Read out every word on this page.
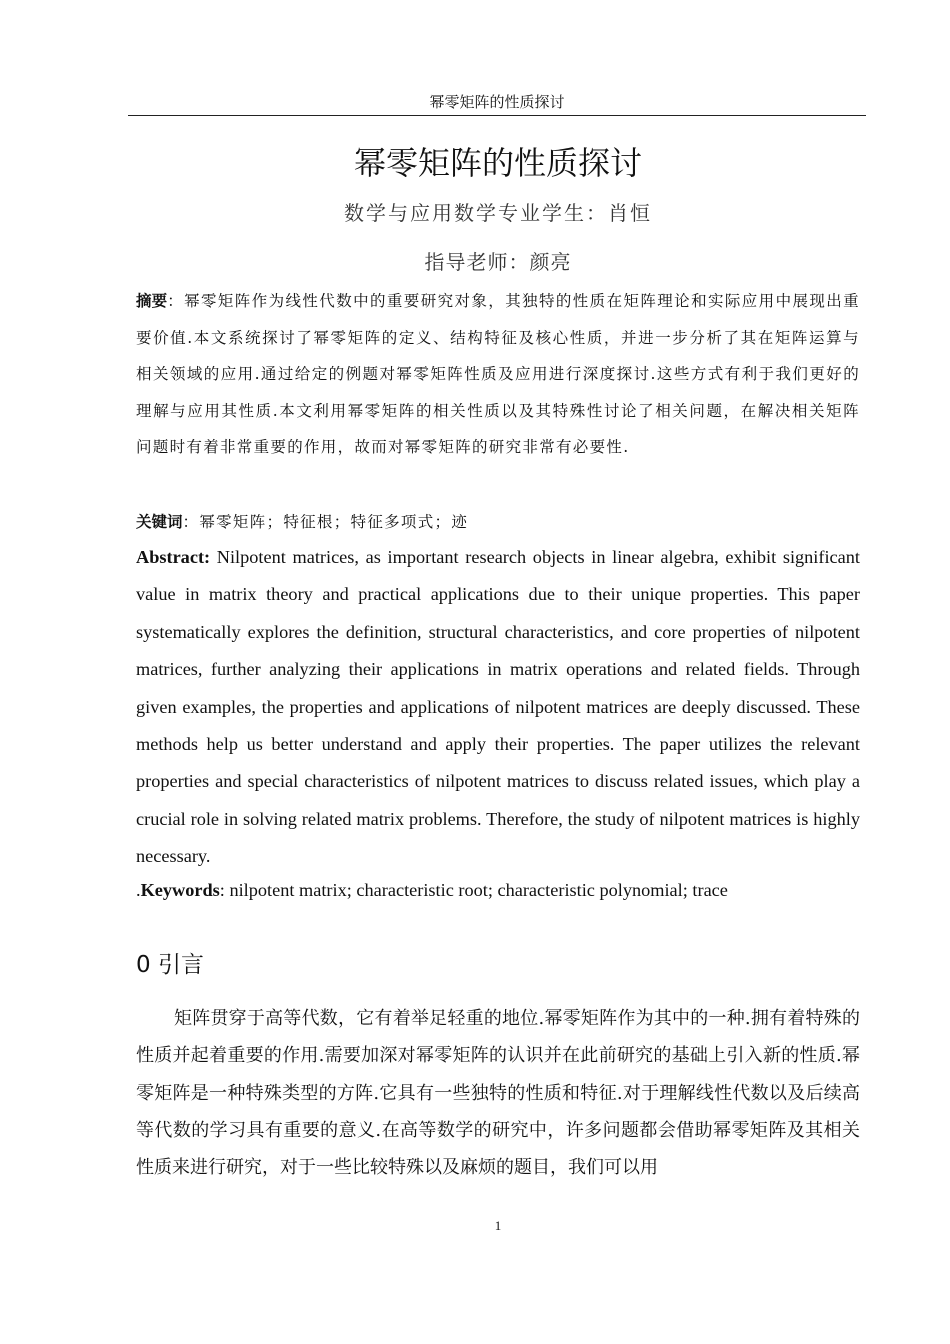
幂零矩阵的性质探讨
幂零矩阵的性质探讨
数学与应用数学专业学生：肖恒
指导老师：颜亮

摘要：幂零矩阵作为线性代数中的重要研究对象，其独特的性质在矩阵理论和实际应用中展现出重要价值.本文系统探讨了幂零矩阵的定义、结构特征及核心性质，并进一步分析了其在矩阵运算与相关领域的应用.通过给定的例题对幂零矩阵性质及应用进行深度探讨.这些方式有利于我们更好的理解与应用其性质.本文利用幂零矩阵的相关性质以及其特殊性讨论了相关问题，在解决相关矩阵问题时有着非常重要的作用，故而对幂零矩阵的研究非常有必要性.

关键词：幂零矩阵；特征根；特征多项式；迹

Abstract: Nilpotent matrices, as important research objects in linear algebra, exhibit significant value in matrix theory and practical applications due to their unique properties. This paper systematically explores the definition, structural characteristics, and core properties of nilpotent matrices, further analyzing their applications in matrix operations and related fields. Through given examples, the properties and applications of nilpotent matrices are deeply discussed. These methods help us better understand and apply their properties. The paper utilizes the relevant properties and special characteristics of nilpotent matrices to discuss related issues, which play a crucial role in solving related matrix problems. Therefore, the study of nilpotent matrices is highly necessary.

.Keywords: nilpotent matrix; characteristic root; characteristic polynomial; trace

0 引言

矩阵贯穿于高等代数，它有着举足轻重的地位.幂零矩阵作为其中的一种.拥有着特殊的性质并起着重要的作用.需要加深对幂零矩阵的认识并在此前研究的基础上引入新的性质.幂零矩阵是一种特殊类型的方阵.它具有一些独特的性质和特征.对于理解线性代数以及后续高等代数的学习具有重要的意义.在高等数学的研究中，许多问题都会借助幂零矩阵及其相关性质来进行研究，对于一些比较特殊以及麻烦的题目，我们可以用

1
